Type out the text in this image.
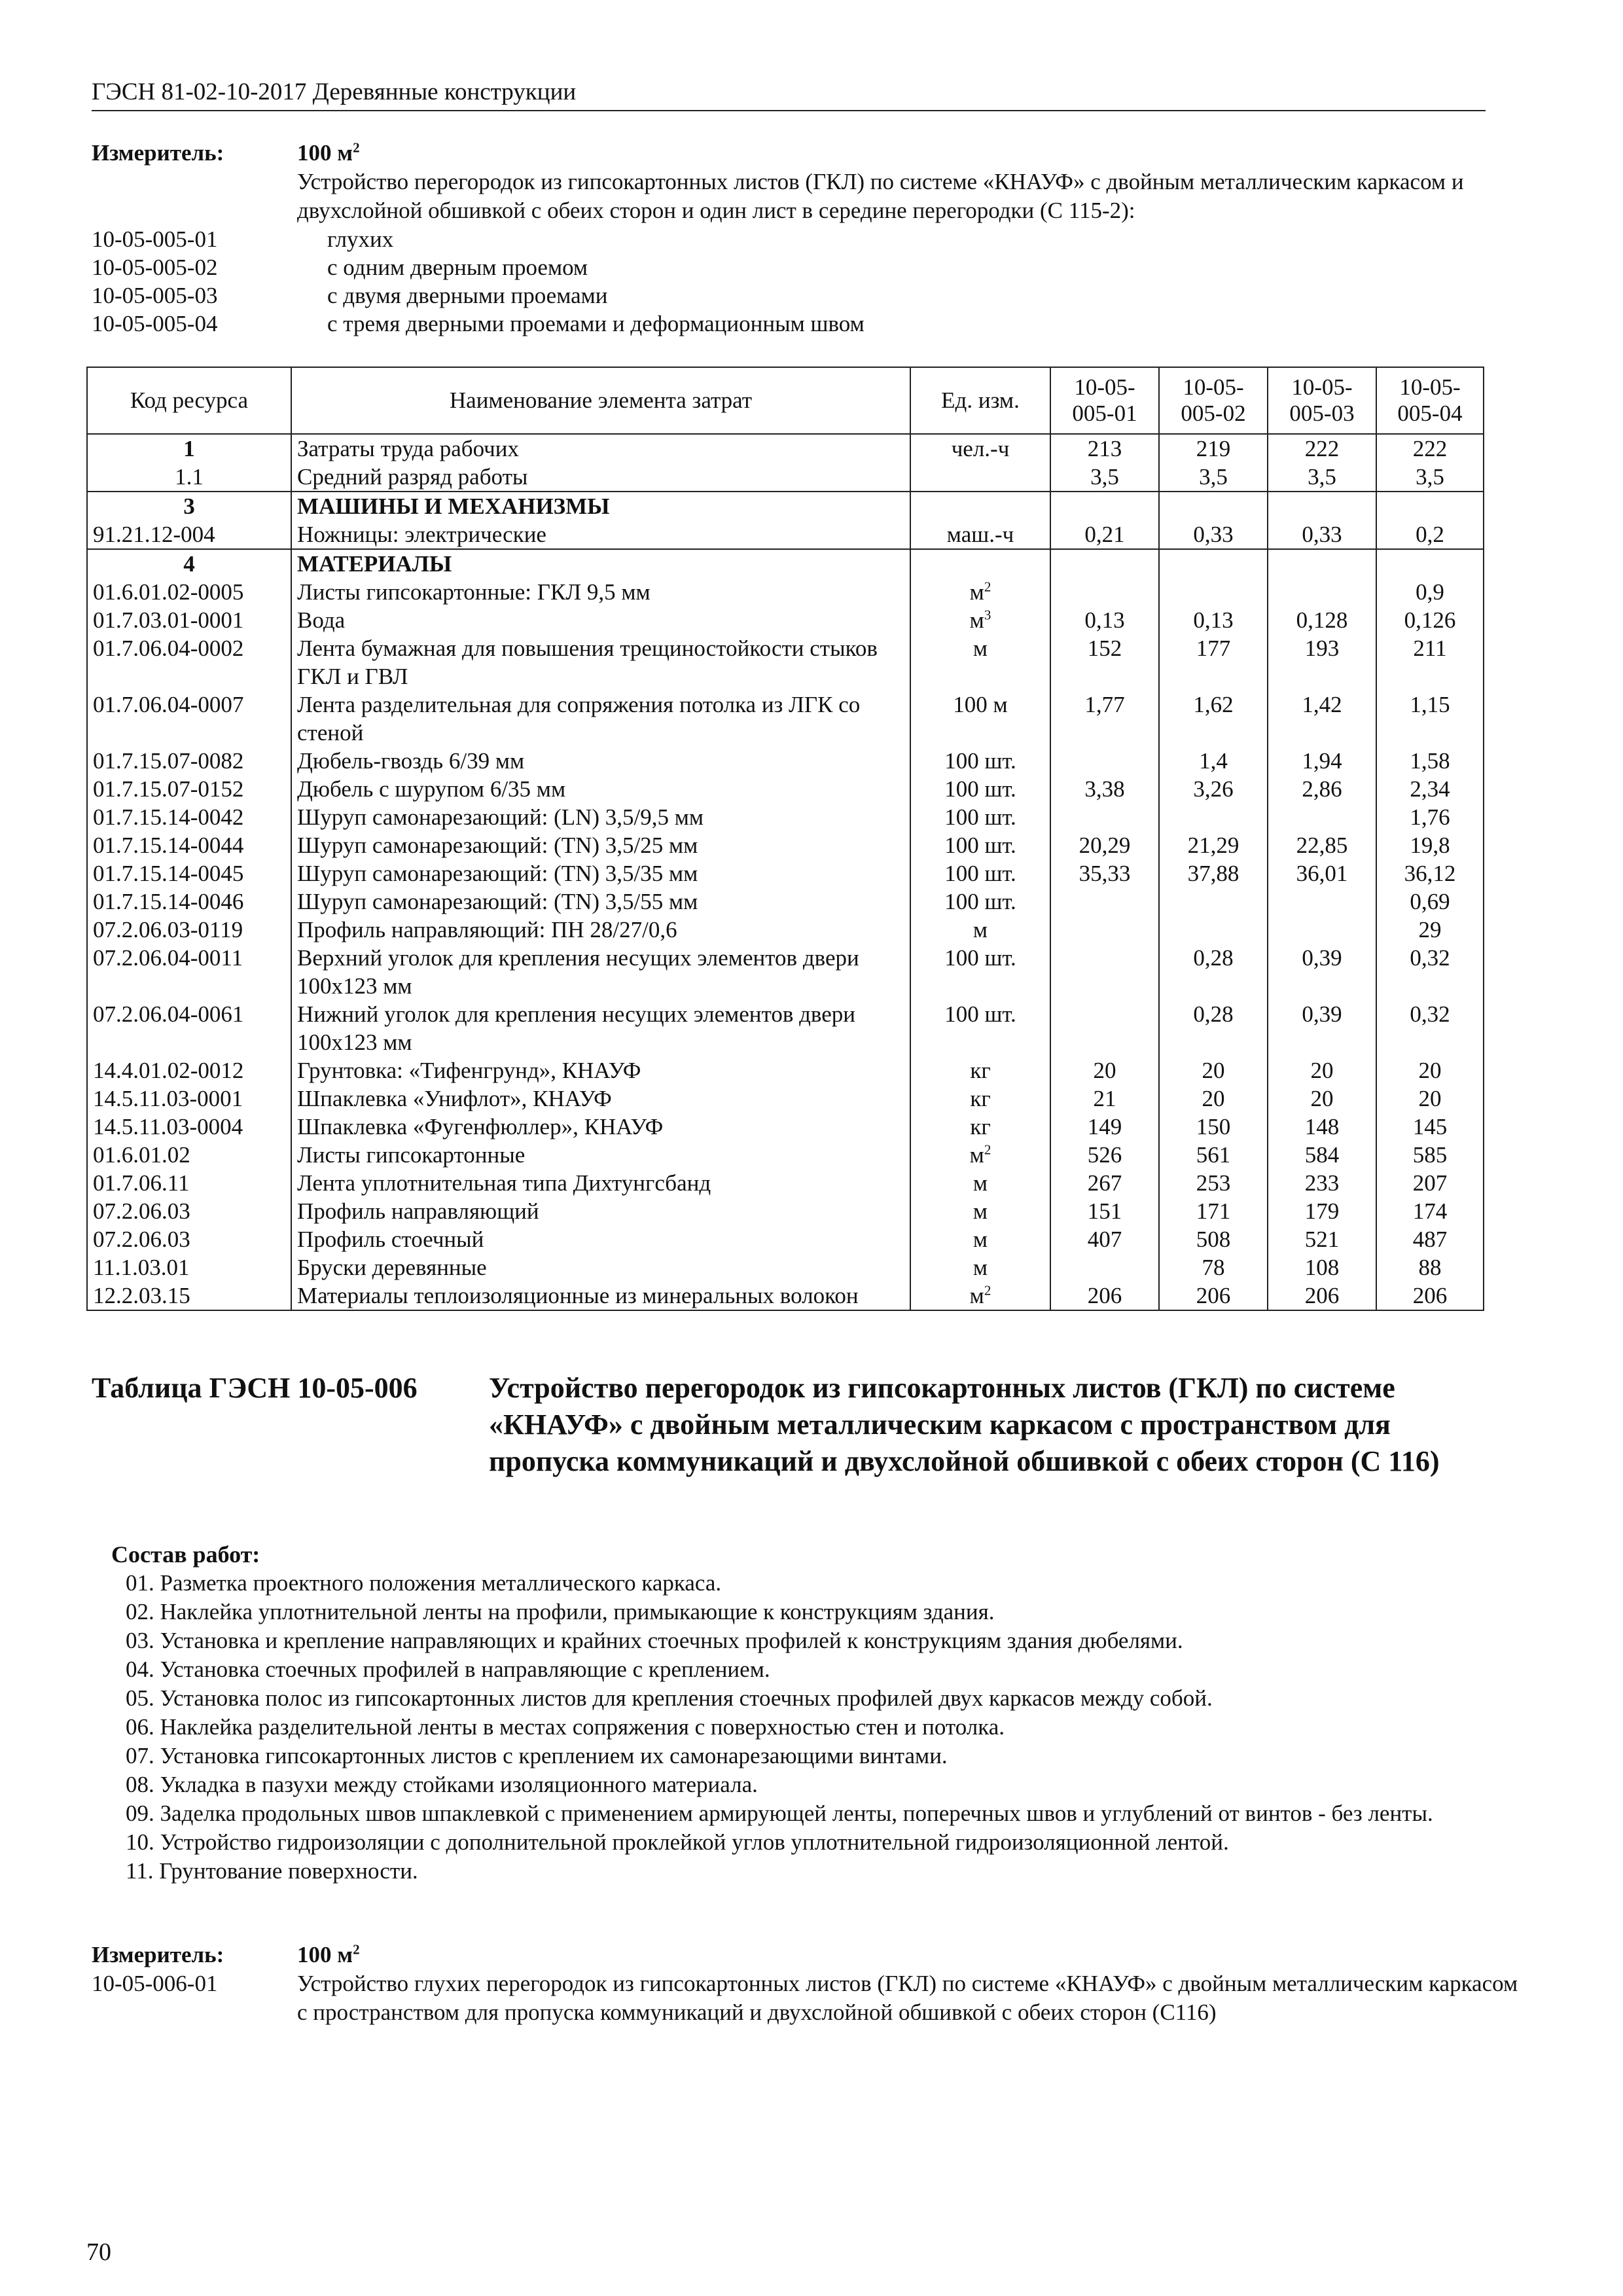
ГЭСН 81-02-10-2017 Деревянные конструкции
Измеритель:	100 $м^2$
Устройство перегородок из гипсокартонных листов (ГКЛ) по системе «КНАУФ» с двойным металлическим каркасом и двухслойной обшивкой с обеих сторон и один лист в середине перегородки (С 115-2):
10-05-005-01	глухих
10-05-005-02	с одним дверным проемом
10-05-005-03	с двумя дверными проемами
10-05-005-04	с тремя дверными проемами и деформационным швом
Код ресурса	Наименование элемента затрат	Ед. изм.	10-05-005-01	10-05-005-02	10-05-005-03	10-05-005-04
1	Затраты труда рабочих	чел.-ч	213	219	222	222
1.1	Средний разряд работы		3,5	3,5	3,5	3,5
3	МАШИНЫ И МЕХАНИЗМЫ					
91.21.12-004	Ножницы: электрические	маш.-ч	0,21	0,33	0,33	0,2
4	МАТЕРИАЛЫ					
01.6.01.02-0005	Листы гипсокартонные: ГКЛ 9,5 мм	$м^2$				0,9
01.7.03.01-0001	Вода	$м^3$	0,13	0,13	0,128	0,126
01.7.06.04-0002	Лента бумажная для повышения трещиностойкости стыков ГКЛ и ГВЛ	м	152	177	193	211
01.7.06.04-0007	Лента разделительная для сопряжения потолка из ЛГК со стеной	100 м	1,77	1,62	1,42	1,15
01.7.15.07-0082	Дюбель-гвоздь 6/39 мм	100 шт.		1,4	1,94	1,58
01.7.15.07-0152	Дюбель с шурупом 6/35 мм	100 шт.	3,38	3,26	2,86	2,34
01.7.15.14-0042	Шуруп самонарезающий: (LN) 3,5/9,5 мм	100 шт.				1,76
01.7.15.14-0044	Шуруп самонарезающий: (TN) 3,5/25 мм	100 шт.	20,29	21,29	22,85	19,8
01.7.15.14-0045	Шуруп самонарезающий: (TN) 3,5/35 мм	100 шт.	35,33	37,88	36,01	36,12
01.7.15.14-0046	Шуруп самонарезающий: (TN) 3,5/55 мм	100 шт.				0,69
07.2.06.03-0119	Профиль направляющий: ПН 28/27/0,6	м				29
07.2.06.04-0011	Верхний уголок для крепления несущих элементов двери 100x123 мм	100 шт.		0,28	0,39	0,32
07.2.06.04-0061	Нижний уголок для крепления несущих элементов двери 100x123 мм	100 шт.		0,28	0,39	0,32
14.4.01.02-0012	Грунтовка: «Тифенгрунд», КНАУФ	кг	20	20	20	20
14.5.11.03-0001	Шпаклевка «Унифлот», КНАУФ	кг	21	20	20	20
14.5.11.03-0004	Шпаклевка «Фугенфюллер», КНАУФ	кг	149	150	148	145
01.6.01.02	Листы гипсокартонные	$м^2$	526	561	584	585
01.7.06.11	Лента уплотнительная типа Дихтунгсбанд	м	267	253	233	207
07.2.06.03	Профиль направляющий	м	151	171	179	174
07.2.06.03	Профиль стоечный	м	407	508	521	487
11.1.03.01	Бруски деревянные	м		78	108	88
12.2.03.15	Материалы теплоизоляционные из минеральных волокон	$м^2$	206	206	206	206
Таблица ГЭСН 10-05-006 Устройство перегородок из гипсокартонных листов (ГКЛ) по системе «КНАУФ» с двойным металлическим каркасом с пространством для пропуска коммуникаций и двухслойной обшивкой с обеих сторон (С 116)
Состав работ:
01. Разметка проектного положения металлического каркаса.
02. Наклейка уплотнительной ленты на профили, примыкающие к конструкциям здания.
03. Установка и крепление направляющих и крайних стоечных профилей к конструкциям здания дюбелями.
04. Установка стоечных профилей в направляющие с креплением.
05. Установка полос из гипсокартонных листов для крепления стоечных профилей двух каркасов между собой.
06. Наклейка разделительной ленты в местах сопряжения с поверхностью стен и потолка.
07. Установка гипсокартонных листов с креплением их самонарезающими винтами.
08. Укладка в пазухи между стойками изоляционного материала.
09. Заделка продольных швов шпаклевкой с применением армирующей ленты, поперечных швов и углублений от винтов - без ленты.
10. Устройство гидроизоляции с дополнительной проклейкой углов уплотнительной гидроизоляционной лентой.
11. Грунтование поверхности.
Измеритель:	100 $м^2$
10-05-006-01	Устройство глухих перегородок из гипсокартонных листов (ГКЛ) по системе «КНАУФ» с двойным металлическим каркасом с пространством для пропуска коммуникаций и двухслойной обшивкой с обеих сторон (С116)
70
